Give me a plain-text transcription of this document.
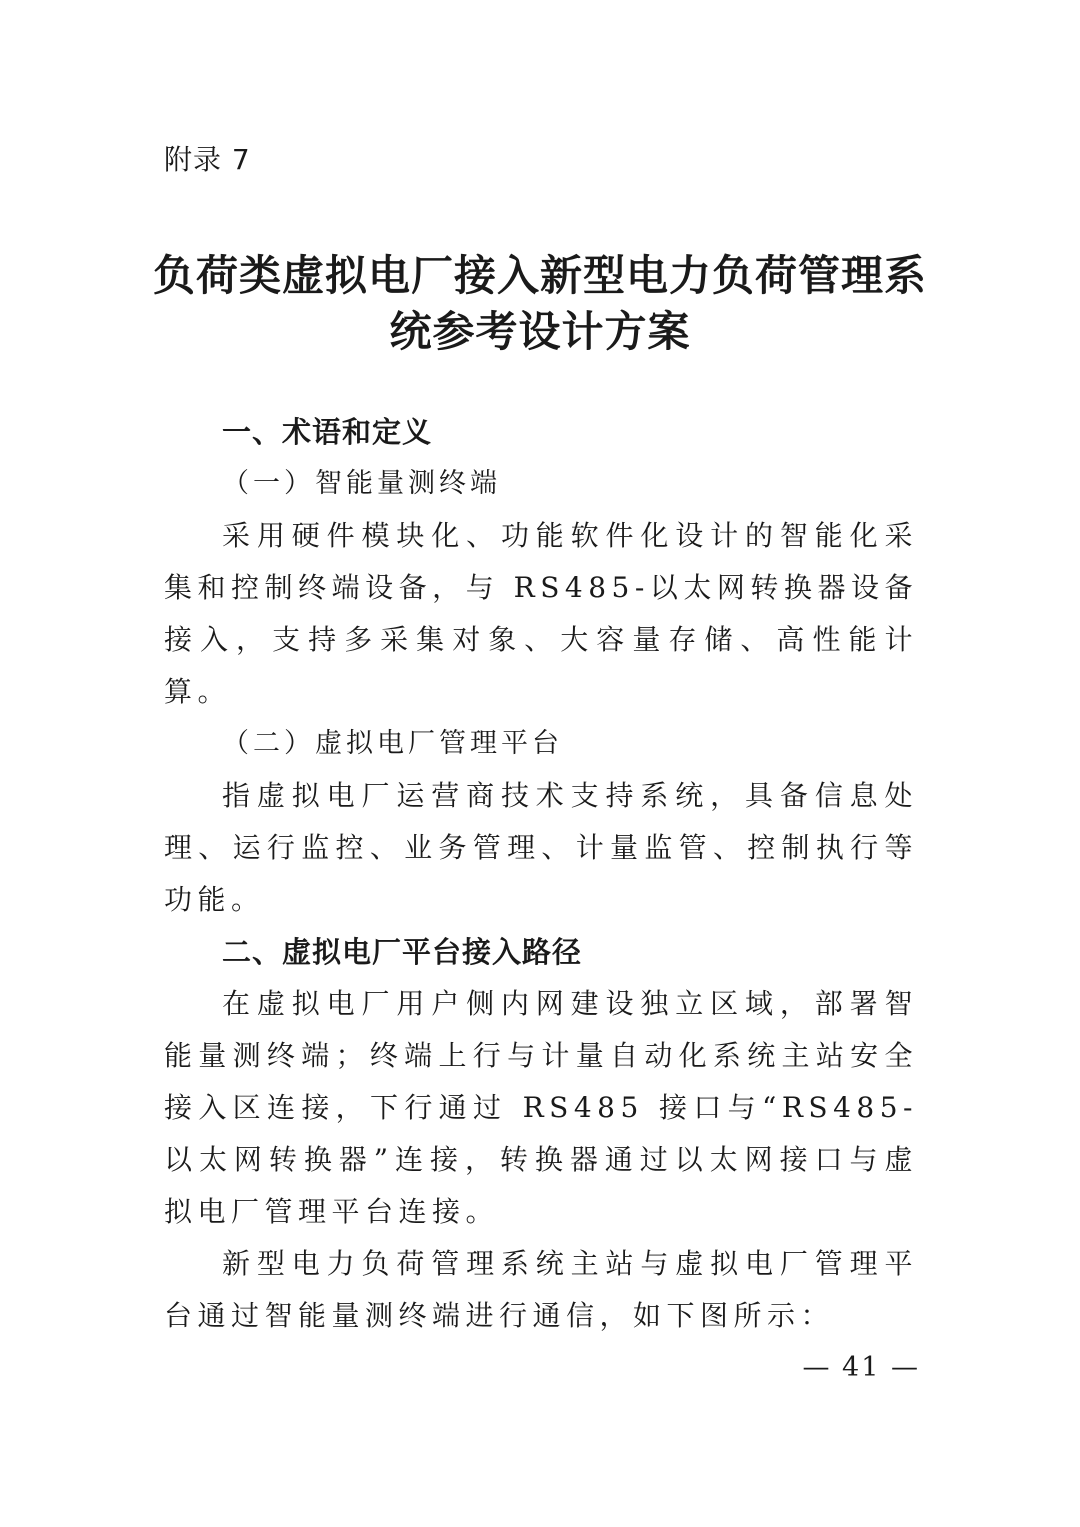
附录 7
负荷类虚拟电厂接入新型电力负荷管理系
统参考设计方案
一、术语和定义
（一）智能量测终端

采用硬件模块化、功能软件化设计的智能化采集和控制终端设备，与 RS485-以太网转换器设备接入，支持多采集对象、大容量存储、高性能计算。

（二）虚拟电厂管理平台

指虚拟电厂运营商技术支持系统，具备信息处理、运行监控、业务管理、计量监管、控制执行等功能。

二、虚拟电厂平台接入路径

在虚拟电厂用户侧内网建设独立区域，部署智能量测终端；终端上行与计量自动化系统主站安全接入区连接，下行通过 RS485 接口与“RS485-以太网转换器”连接，转换器通过以太网接口与虚拟电厂管理平台连接。

新型电力负荷管理系统主站与虚拟电厂管理平台通过智能量测终端进行通信，如下图所示：

— 41 —
